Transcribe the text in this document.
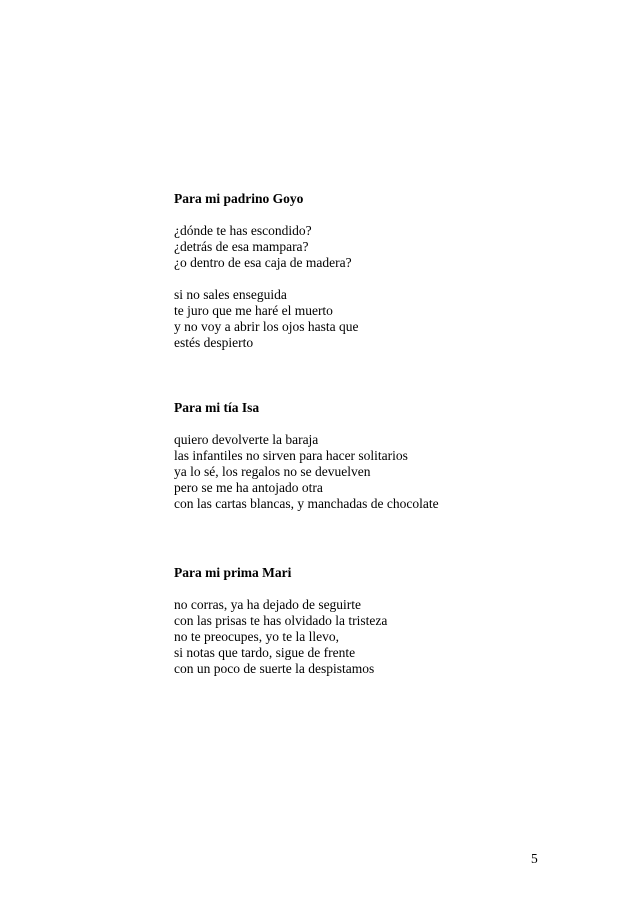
Para mi padrino Goyo
¿dónde te has escondido?
¿detrás de esa mampara?
¿o dentro de esa caja de madera?
si no sales enseguida
te juro que me haré el muerto
y no voy a abrir los ojos hasta que
estés despierto
Para mi tía Isa
quiero devolverte la baraja
las infantiles no sirven para hacer solitarios
ya lo sé, los regalos no se devuelven
pero se me ha antojado otra
con las cartas blancas, y manchadas de chocolate
Para mi prima Mari
no corras, ya ha dejado de seguirte
con las prisas te has olvidado la tristeza
no te preocupes, yo te la llevo,
si notas que tardo, sigue de frente
con un poco de suerte la despistamos
5
